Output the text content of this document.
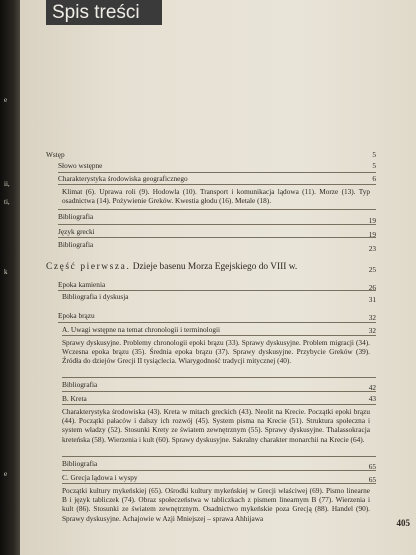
e
ii,
ti,
k
e
Spis treści
Wstęp	5
Słowo wstępne	5
Charakterystyka środowiska geograficznego	6
Klimat (6). Uprawa roli (9). Hodowla (10). Transport i komunikacja lądowa (11). Morze (13). Typ osadnictwa (14). Pożywienie Greków. Kwestia głodu (16). Metale (18).
Bibliografia	19
Język grecki	19
Bibliografia	23
Część pierwsza. Dzieje basenu Morza Egejskiego do VIII w.	25
Epoka kamienia	26
Bibliografia i dyskusja	31
Epoka brązu	32
A. Uwagi wstępne na temat chronologii i terminologii	32
Sprawy dyskusyjne. Problemy chronologii epoki brązu (33). Sprawy dyskusyjne. Problem migracji (34). Wczesna epoka brązu (35). Średnia epoka brązu (37). Sprawy dyskusyjne. Przybycie Greków (39). Źródła do dziejów Grecji II tysiąclecia. Wiarygodność tradycji mitycznej (40).
Bibliografia	42
B. Kreta	43
Charakterystyka środowiska (43). Kreta w mitach greckich (43). Neolit na Krecie. Początki epoki brązu (44). Początki pałaców i dalszy ich rozwój (45). System pisma na Krecie (51). Struktura społeczna i system władzy (52). Stosunki Krety ze światem zewnętrznym (55). Sprawy dyskusyjne. Thalassokracja kreteńska (58). Wierzenia i kult (60). Sprawy dyskusyjne. Sakralny charakter monarchii na Krecie (64).
Bibliografia	65
C. Grecja lądowa i wyspy	65
Początki kultury mykeńskiej (65). Ośrodki kultury mykeńskiej w Grecji właściwej (69). Pismo linearne B i język tabliczek (74). Obraz społeczeństwa w tabliczkach z pismem linearnym B (77). Wierzenia i kult (86). Stosunki ze światem zewnętrznym. Osadnictwo mykeńskie poza Grecją (88). Handel (90). Sprawy dyskusyjne. Achajowie w Azji Mniejszej – sprawa Ahhijawa	405
